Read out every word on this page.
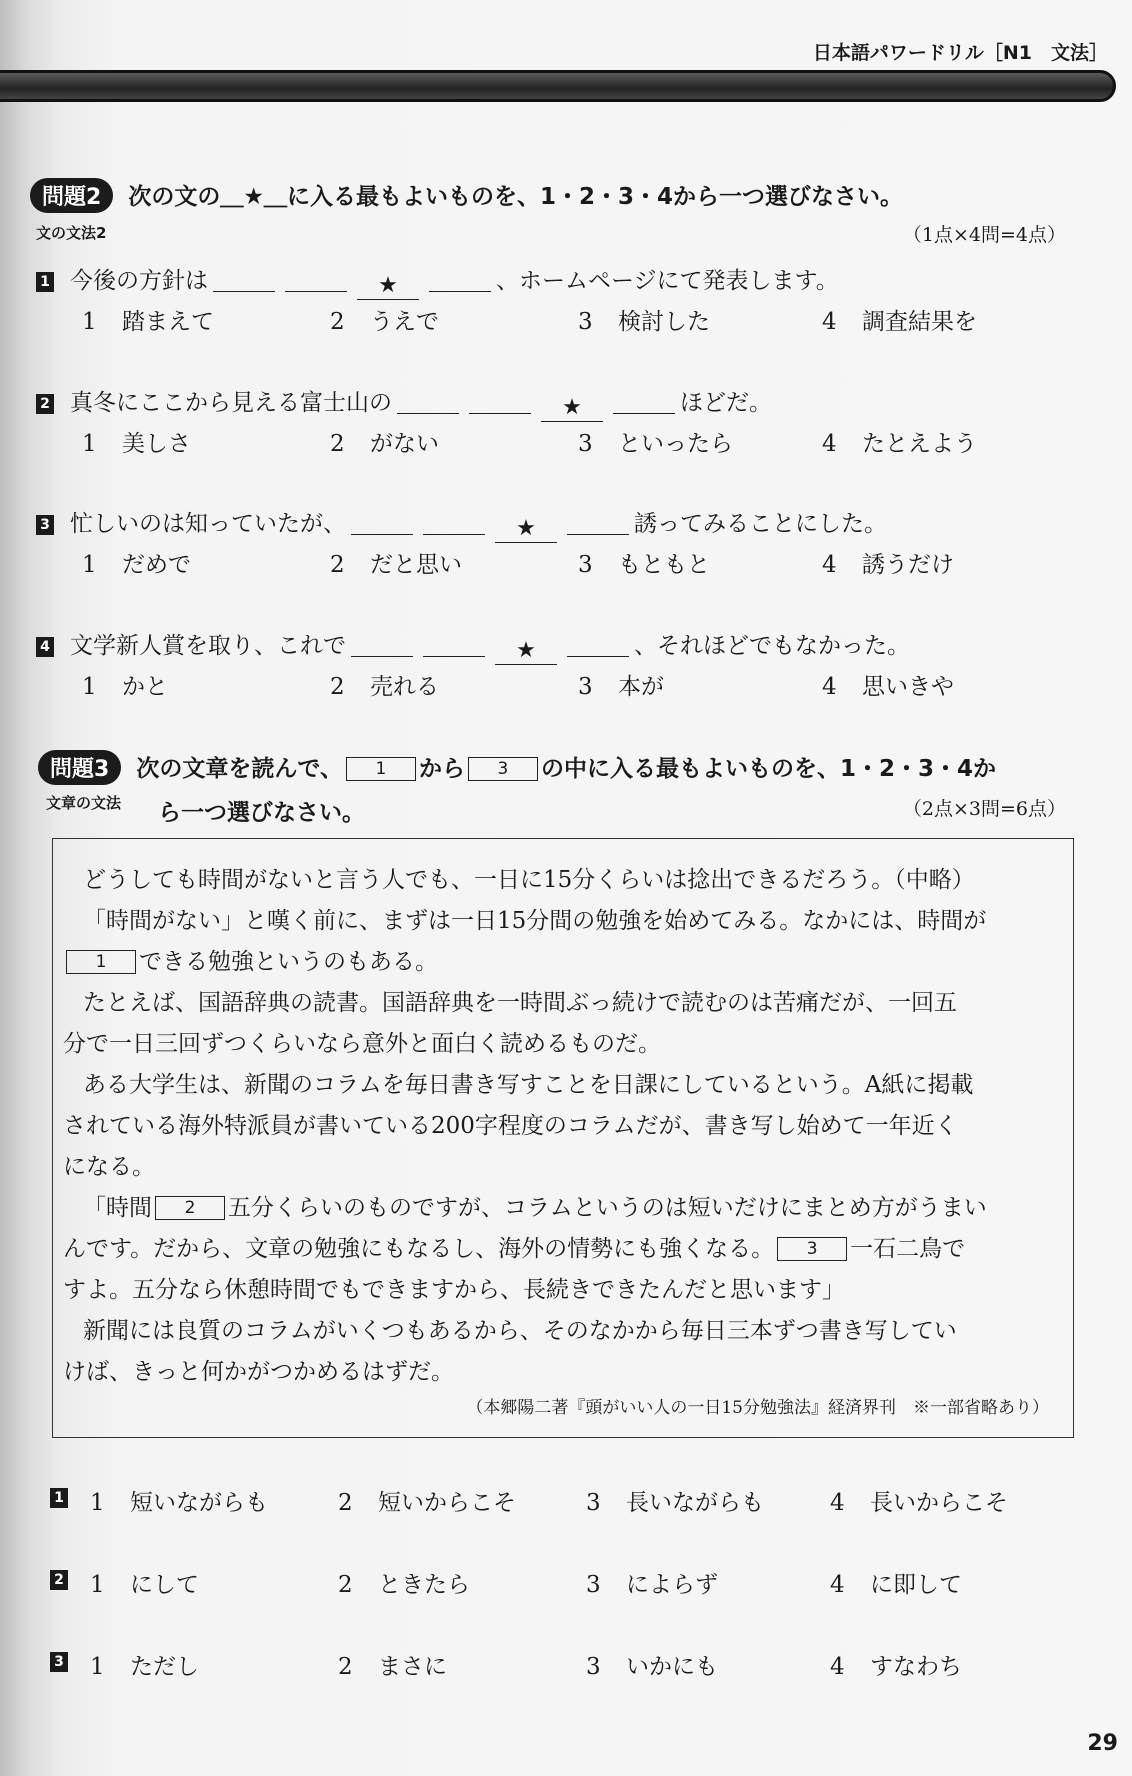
日本語パワードリル［N1　文法］
問題2 次の文の＿★＿に入る最もよいものを、1・2・3・4から一つ選びなさい。
文の文法2	（1点×4問=4点）
1 今後の方針は	★	、ホームページにて発表します。
1 踏まえて	2 うえで	3 検討した	4 調査結果を
2 真冬にここから見える富士山の	★	ほどだ。
1 美しさ	2 がない	3 といったら	4 たとえよう
3 忙しいのは知っていたが、	★	誘ってみることにした。
1 だめで	2 だと思い	3 もともと	4 誘うだけ
4 文学新人賞を取り、これで	★	、それほどでもなかった。
1 かと	2 売れる	3 本が	4 思いきや
問題3 次の文章を読んで、 1 から 3 の中に入る最もよいものを、1・2・3・4か
文章の文法 ら一つ選びなさい。	（2点×3問=6点）
どうしても時間がないと言う人でも、一日に15分くらいは捻出できるだろう。（中略）
「時間がない」と嘆く前に、まずは一日15分間の勉強を始めてみる。なかには、時間が
1 できる勉強というのもある。
たとえば、国語辞典の読書。国語辞典を一時間ぶっ続けで読むのは苦痛だが、一回五
分で一日三回ずつくらいなら意外と面白く読めるものだ。
ある大学生は、新聞のコラムを毎日書き写すことを日課にしているという。A紙に掲載
されている海外特派員が書いている200字程度のコラムだが、書き写し始めて一年近く
になる。
「時間 2 五分くらいのものですが、コラムというのは短いだけにまとめ方がうまい
んです。だから、文章の勉強にもなるし、海外の情勢にも強くなる。 3 一石二鳥で
すよ。五分なら休憩時間でもできますから、長続きできたんだと思います」
新聞には良質のコラムがいくつもあるから、そのなかから毎日三本ずつ書き写してい
けば、きっと何かがつかめるはずだ。
（本郷陽二著『頭がいい人の一日15分勉強法』経済界刊　※一部省略あり）
1 1 短いながらも	2 短いからこそ	3 長いながらも	4 長いからこそ
2 1 にして	2 ときたら	3 によらず	4 に即して
3 1 ただし	2 まさに	3 いかにも	4 すなわち
29
